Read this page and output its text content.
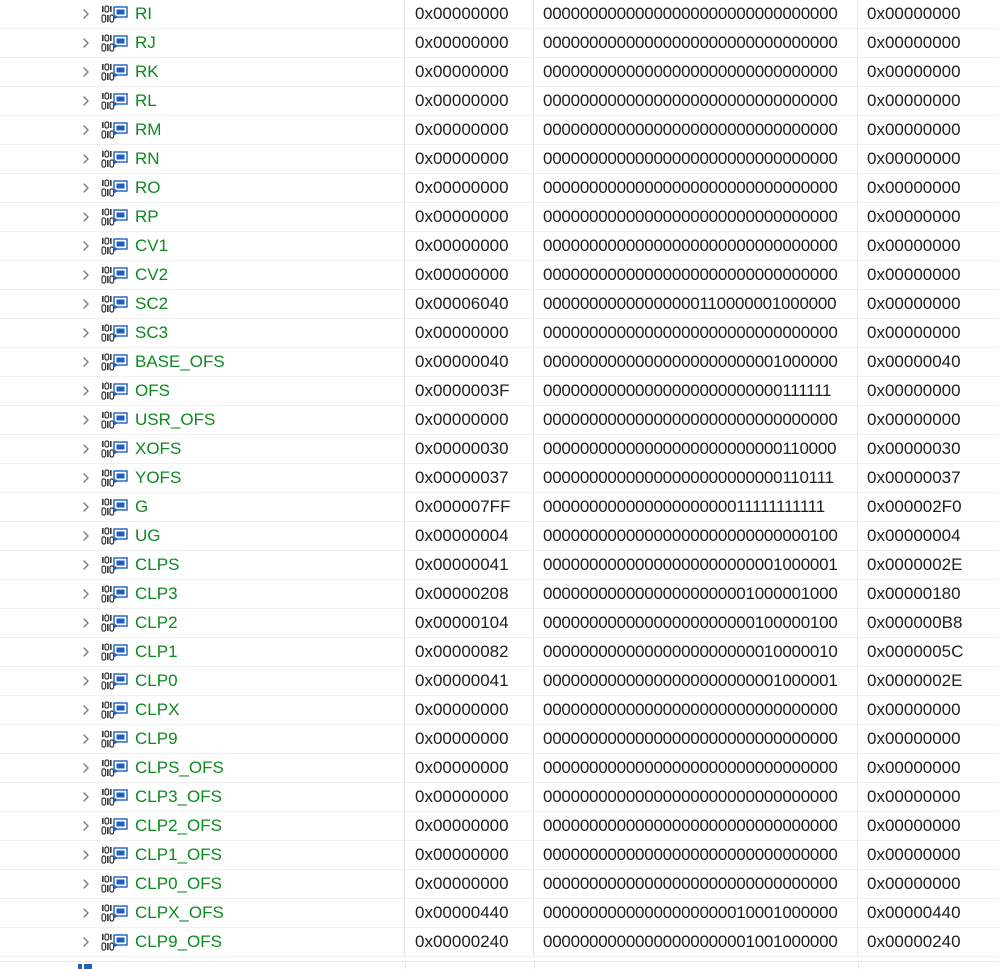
RI	0x00000000	00000000000000000000000000000000	0x00000000
RJ	0x00000000	00000000000000000000000000000000	0x00000000
RK	0x00000000	00000000000000000000000000000000	0x00000000
RL	0x00000000	00000000000000000000000000000000	0x00000000
RM	0x00000000	00000000000000000000000000000000	0x00000000
RN	0x00000000	00000000000000000000000000000000	0x00000000
RO	0x00000000	00000000000000000000000000000000	0x00000000
RP	0x00000000	00000000000000000000000000000000	0x00000000
CV1	0x00000000	00000000000000000000000000000000	0x00000000
CV2	0x00000000	00000000000000000000000000000000	0x00000000
SC2	0x00006040	00000000000000000110000001000000	0x00000000
SC3	0x00000000	00000000000000000000000000000000	0x00000000
BASE_OFS	0x00000040	00000000000000000000000001000000	0x00000040
OFS	0x0000003F	00000000000000000000000000111111	0x00000000
USR_OFS	0x00000000	00000000000000000000000000000000	0x00000000
XOFS	0x00000030	00000000000000000000000000110000	0x00000030
YOFS	0x00000037	00000000000000000000000000110111	0x00000037
G	0x000007FF	00000000000000000000011111111111	0x000002F0
UG	0x00000004	00000000000000000000000000000100	0x00000004
CLPS	0x00000041	00000000000000000000000001000001	0x0000002E
CLP3	0x00000208	00000000000000000000001000001000	0x00000180
CLP2	0x00000104	00000000000000000000000100000100	0x000000B8
CLP1	0x00000082	00000000000000000000000010000010	0x0000005C
CLP0	0x00000041	00000000000000000000000001000001	0x0000002E
CLPX	0x00000000	00000000000000000000000000000000	0x00000000
CLP9	0x00000000	00000000000000000000000000000000	0x00000000
CLPS_OFS	0x00000000	00000000000000000000000000000000	0x00000000
CLP3_OFS	0x00000000	00000000000000000000000000000000	0x00000000
CLP2_OFS	0x00000000	00000000000000000000000000000000	0x00000000
CLP1_OFS	0x00000000	00000000000000000000000000000000	0x00000000
CLP0_OFS	0x00000000	00000000000000000000000000000000	0x00000000
CLPX_OFS	0x00000440	00000000000000000000010001000000	0x00000440
CLP9_OFS	0x00000240	00000000000000000000001001000000	0x00000240
